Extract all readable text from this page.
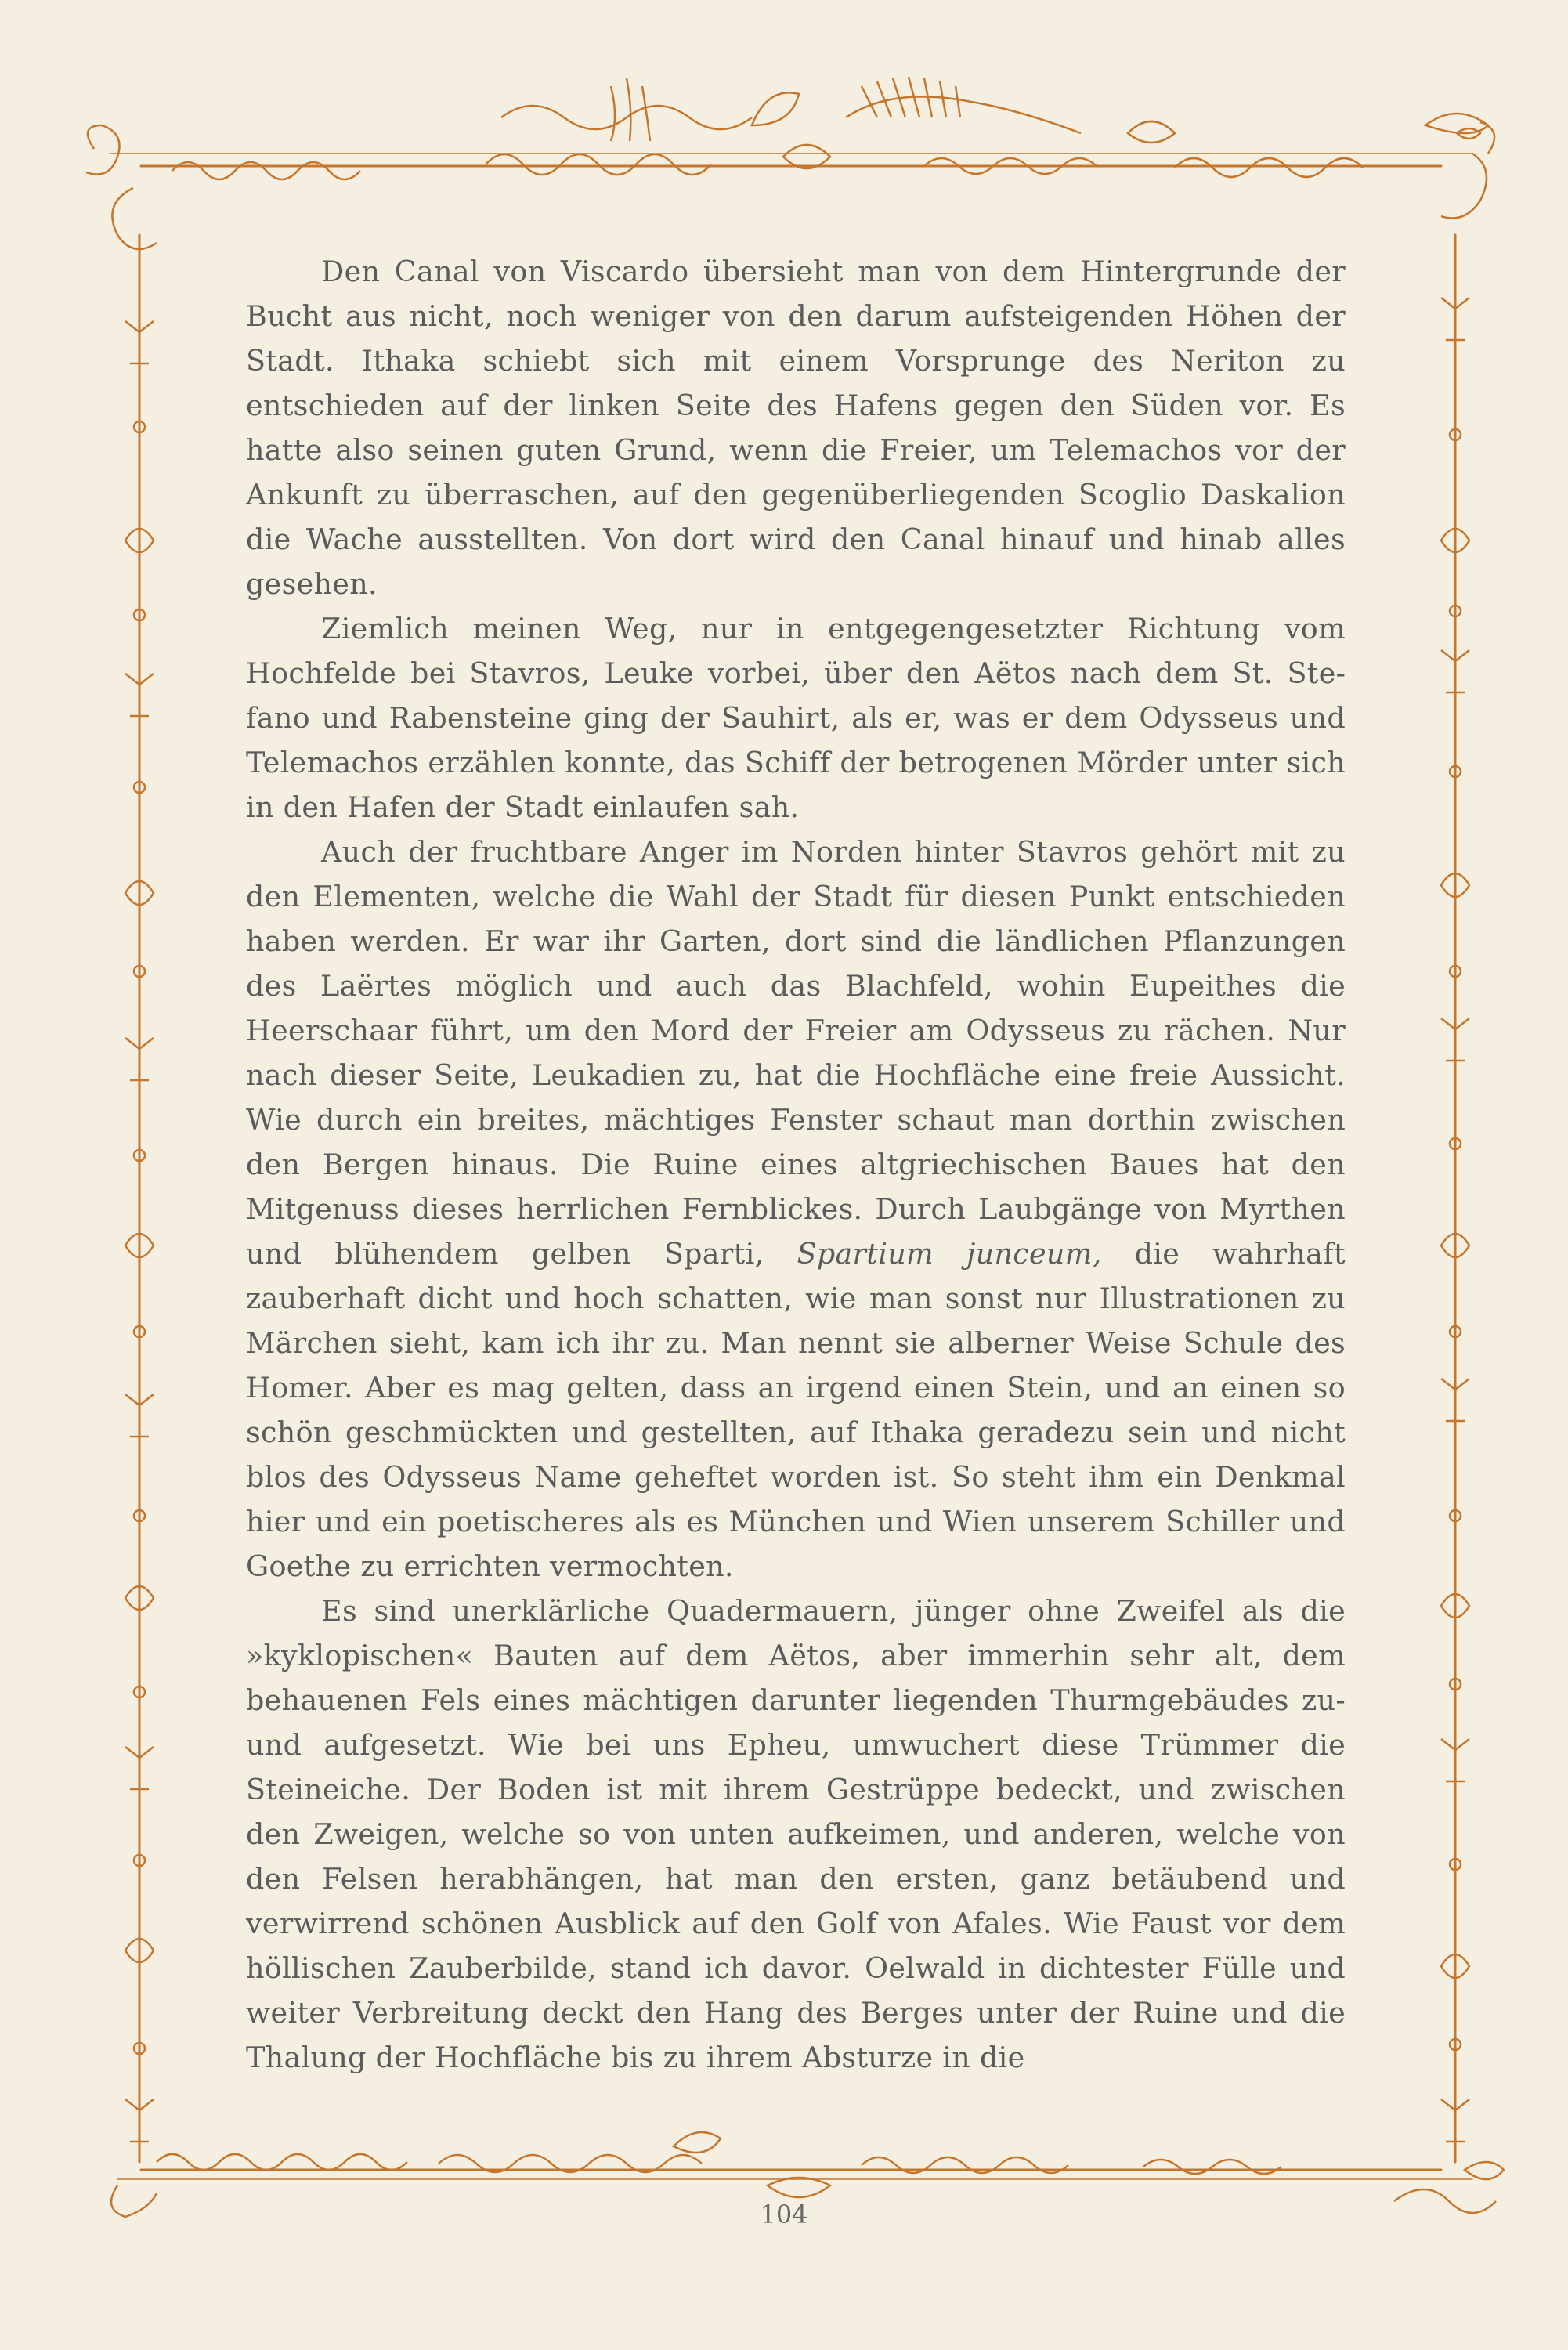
Den Canal von Viscardo übersieht man von dem Hintergrunde der Bucht aus nicht, noch weniger von den darum aufsteigenden Höhen der Stadt. Ithaka schiebt sich mit einem Vorsprunge des Neriton zu entschieden auf der linken Seite des Hafens gegen den Süden vor. Es hatte also seinen guten Grund, wenn die Freier, um Telemachos vor der Ankunft zu überraschen, auf den gegenüberliegenden Scoglio Daskalion die Wache ausstellten. Von dort wird den Canal hinauf und hinab alles gesehen.

Ziemlich meinen Weg, nur in entgegengesetzter Richtung vom Hochfelde bei Stavros, Leuke vorbei, über den Aëtos nach dem St. Stefano und Rabensteine ging der Sauhirt, als er, was er dem Odysseus und Telemachos erzählen konnte, das Schiff der betrogenen Mörder unter sich in den Hafen der Stadt einlaufen sah.

Auch der fruchtbare Anger im Norden hinter Stavros gehört mit zu den Elementen, welche die Wahl der Stadt für diesen Punkt entschieden haben werden. Er war ihr Garten, dort sind die ländlichen Pflanzungen des Laërtes möglich und auch das Blachfeld, wohin Eupeithes die Heerschaar führt, um den Mord der Freier am Odysseus zu rächen. Nur nach dieser Seite, Leukadien zu, hat die Hochfläche eine freie Aussicht. Wie durch ein breites, mächtiges Fenster schaut man dorthin zwischen den Bergen hinaus. Die Ruine eines altgriechischen Baues hat den Mitgenuss dieses herrlichen Fernblickes. Durch Laubgänge von Myrthen und blühendem gelben Sparti, Spartium junceum, die wahrhaft zauberhaft dicht und hoch schatten, wie man sonst nur Illustrationen zu Märchen sieht, kam ich ihr zu. Man nennt sie alberner Weise Schule des Homer. Aber es mag gelten, dass an irgend einen Stein, und an einen so schön geschmückten und gestellten, auf Ithaka geradezu sein und nicht blos des Odysseus Name geheftet worden ist. So steht ihm ein Denkmal hier und ein poetischeres als es München und Wien unserem Schiller und Goethe zu errichten vermochten.

Es sind unerklärliche Quadermauern, jünger ohne Zweifel als die »kyklopischen« Bauten auf dem Aëtos, aber immerhin sehr alt, dem behauenen Fels eines mächtigen darunter liegenden Thurmgebäudes zu- und aufgesetzt. Wie bei uns Epheu, umwuchert diese Trümmer die Steineiche. Der Boden ist mit ihrem Gestrüppe bedeckt, und zwischen den Zweigen, welche so von unten aufkeimen, und anderen, welche von den Felsen herabhängen, hat man den ersten, ganz betäubend und verwirrend schönen Ausblick auf den Golf von Afales. Wie Faust vor dem höllischen Zauberbilde, stand ich davor. Oelwald in dichtester Fülle und weiter Verbreitung deckt den Hang des Berges unter der Ruine und die Thalung der Hochfläche bis zu ihrem Absturze in die

104
